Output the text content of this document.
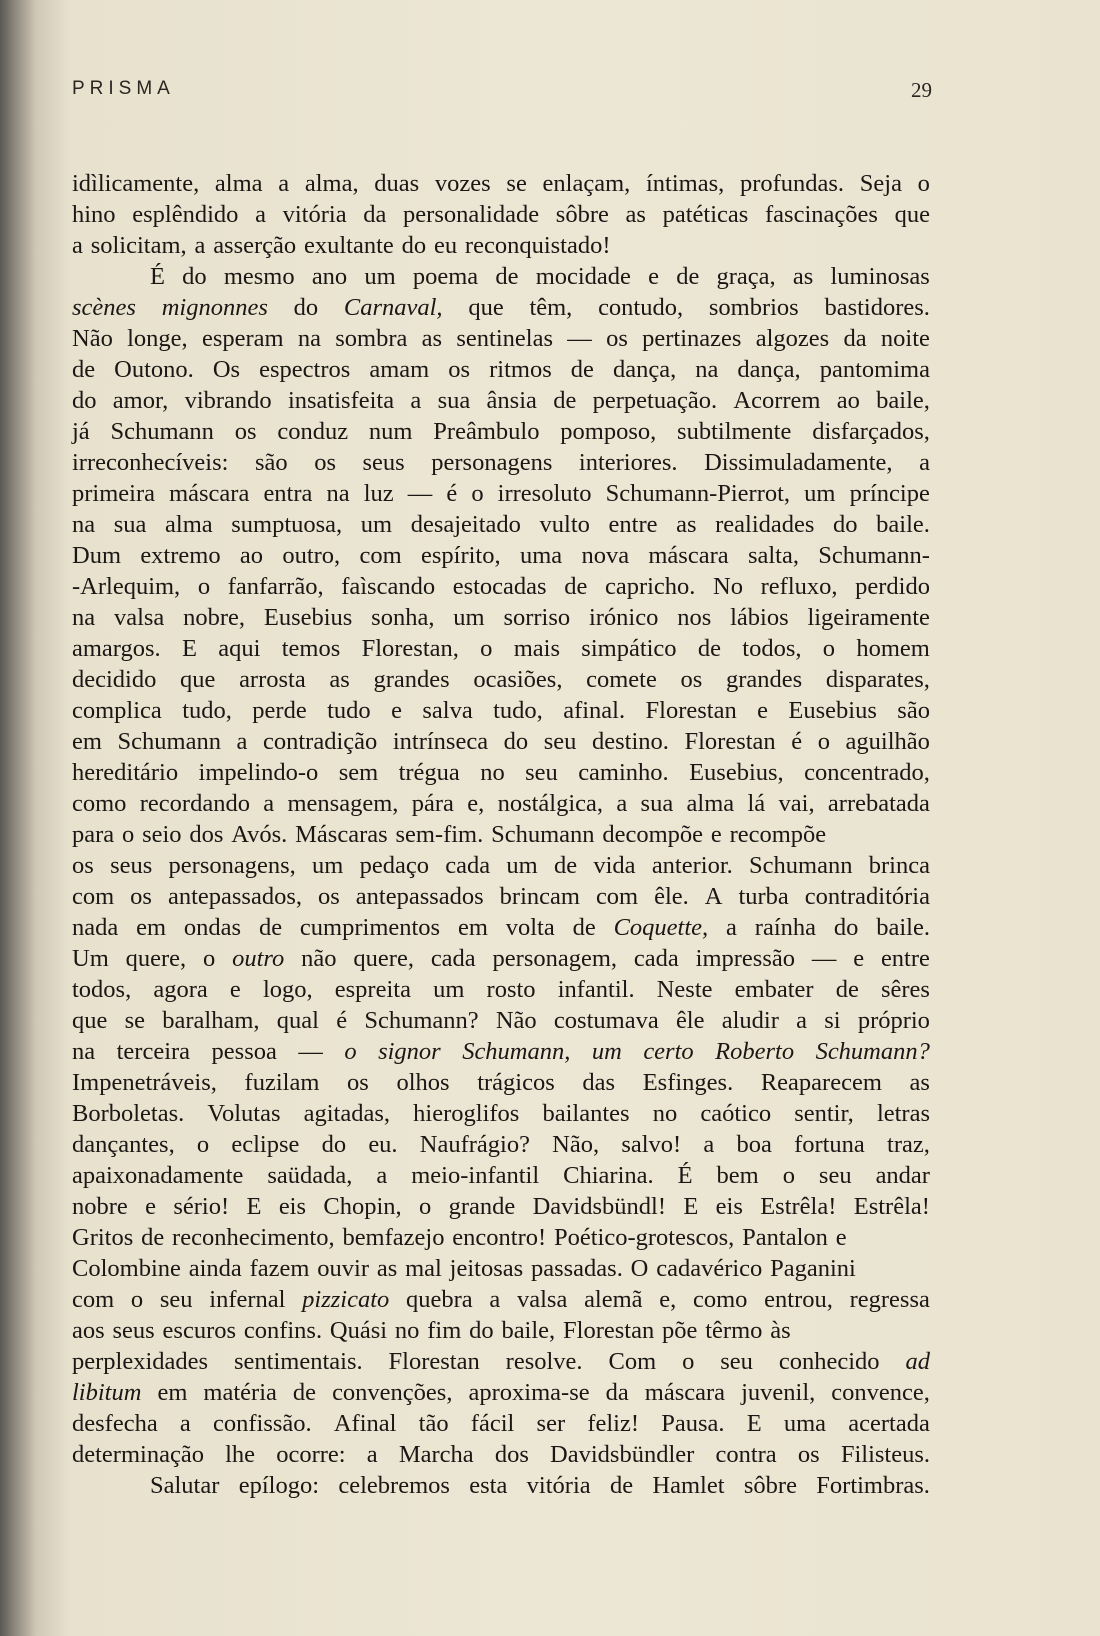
PRISMA	29
idìlicamente, alma a alma, duas vozes se enlaçam, íntimas, profundas. Seja o
hino esplêndido a vitória da personalidade sôbre as patéticas fascinações que
a solicitam, a asserção exultante do eu reconquistado!
É do mesmo ano um poema de mocidade e de graça, as luminosas
scènes mignonnes do Carnaval, que têm, contudo, sombrios bastidores.
Não longe, esperam na sombra as sentinelas — os pertinazes algozes da noite
de Outono. Os espectros amam os ritmos de dança, na dança, pantomima
do amor, vibrando insatisfeita a sua ânsia de perpetuação. Acorrem ao baile,
já Schumann os conduz num Preâmbulo pomposo, subtilmente disfarçados,
irreconhecíveis: são os seus personagens interiores. Dissimuladamente, a
primeira máscara entra na luz — é o irresoluto Schumann-Pierrot, um príncipe
na sua alma sumptuosa, um desajeitado vulto entre as realidades do baile.
Dum extremo ao outro, com espírito, uma nova máscara salta, Schumann-
-Arlequim, o fanfarrão, faìscando estocadas de capricho. No refluxo, perdido
na valsa nobre, Eusebius sonha, um sorriso irónico nos lábios ligeiramente
amargos. E aqui temos Florestan, o mais simpático de todos, o homem
decidido que arrosta as grandes ocasiões, comete os grandes disparates,
complica tudo, perde tudo e salva tudo, afinal. Florestan e Eusebius são
em Schumann a contradição intrínseca do seu destino. Florestan é o aguilhão
hereditário impelindo-o sem trégua no seu caminho. Eusebius, concentrado,
como recordando a mensagem, pára e, nostálgica, a sua alma lá vai, arrebatada
para o seio dos Avós. Máscaras sem-fim. Schumann decompõe e recompõe
os seus personagens, um pedaço cada um de vida anterior. Schumann brinca
com os antepassados, os antepassados brincam com êle. A turba contraditória
nada em ondas de cumprimentos em volta de Coquette, a raínha do baile.
Um quere, o outro não quere, cada personagem, cada impressão — e entre
todos, agora e logo, espreita um rosto infantil. Neste embater de sêres
que se baralham, qual é Schumann? Não costumava êle aludir a si próprio
na terceira pessoa — o signor Schumann, um certo Roberto Schumann?
Impenetráveis, fuzilam os olhos trágicos das Esfinges. Reaparecem as
Borboletas. Volutas agitadas, hieroglifos bailantes no caótico sentir, letras
dançantes, o eclipse do eu. Naufrágio? Não, salvo! a boa fortuna traz,
apaixonadamente saüdada, a meio-infantil Chiarina. É bem o seu andar
nobre e sério! E eis Chopin, o grande Davidsbündl! E eis Estrêla! Estrêla!
Gritos de reconhecimento, bemfazejo encontro! Poético-grotescos, Pantalon e
Colombine ainda fazem ouvir as mal jeitosas passadas. O cadavérico Paganini
com o seu infernal pizzicato quebra a valsa alemã e, como entrou, regressa
aos seus escuros confins. Quási no fim do baile, Florestan põe têrmo às
perplexidades sentimentais. Florestan resolve. Com o seu conhecido ad
libitum em matéria de convenções, aproxima-se da máscara juvenil, convence,
desfecha a confissão. Afinal tão fácil ser feliz! Pausa. E uma acertada
determinação lhe ocorre: a Marcha dos Davidsbündler contra os Filisteus.
Salutar epílogo: celebremos esta vitória de Hamlet sôbre Fortimbras.
